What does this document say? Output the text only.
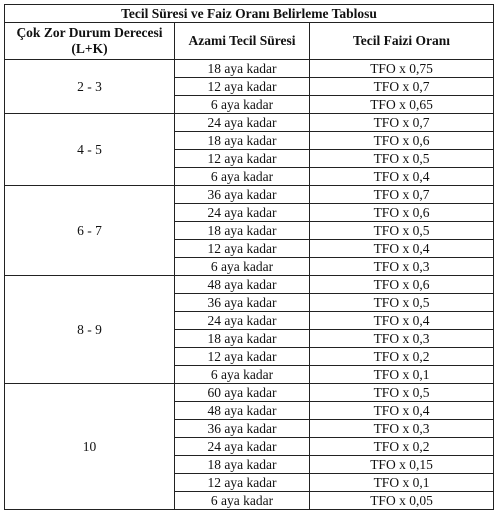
Tecil Süresi ve Faiz Oranı Belirleme Tablosu		
Çok Zor Durum Derecesi (L+K)	Azami Tecil Süresi	Tecil Faizi Oranı
2 - 3	18 aya kadar	TFO x 0,75
	12 aya kadar	TFO x 0,7
	6 aya kadar	TFO x 0,65
4 - 5	24 aya kadar	TFO x 0,7
	18 aya kadar	TFO x 0,6
	12 aya kadar	TFO x 0,5
	6 aya kadar	TFO x 0,4
6 - 7	36 aya kadar	TFO x 0,7
	24 aya kadar	TFO x 0,6
	18 aya kadar	TFO x 0,5
	12 aya kadar	TFO x 0,4
	6 aya kadar	TFO x 0,3
8 - 9	48 aya kadar	TFO x 0,6
	36 aya kadar	TFO x 0,5
	24 aya kadar	TFO x 0,4
	18 aya kadar	TFO x 0,3
	12 aya kadar	TFO x 0,2
	6 aya kadar	TFO x 0,1
10	60 aya kadar	TFO x 0,5
	48 aya kadar	TFO x 0,4
	36 aya kadar	TFO x 0,3
	24 aya kadar	TFO x 0,2
	18 aya kadar	TFO x 0,15
	12 aya kadar	TFO x 0,1
	6 aya kadar	TFO x 0,05
